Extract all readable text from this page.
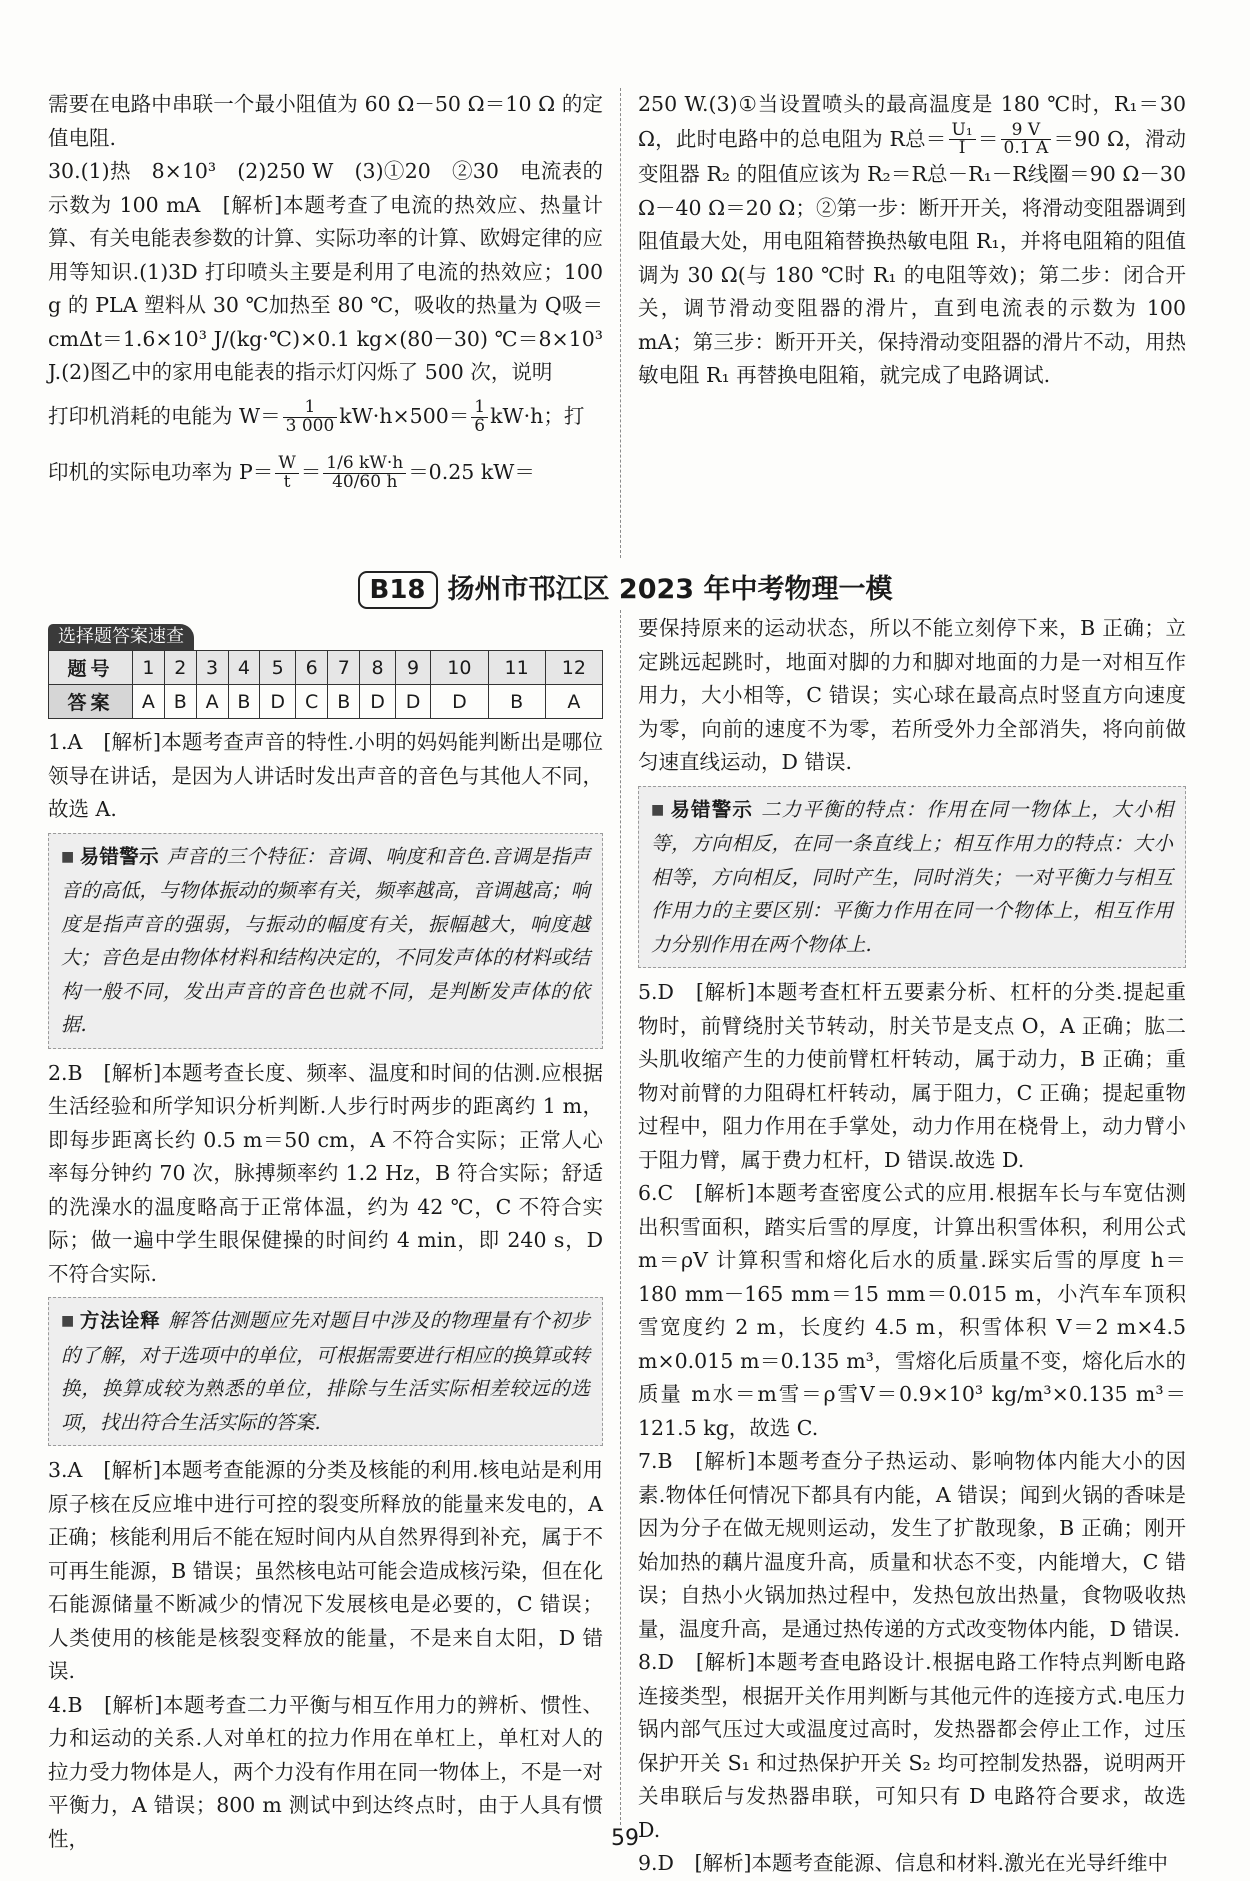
需要在电路中串联一个最小阻值为 60 Ω－50 Ω＝10 Ω 的定值电阻.

30.(1)热　8×10³　(2)250 W　(3)①20　②30　电流表的示数为 100 mA　[解析]本题考查了电流的热效应、热量计算、有关电能表参数的计算、实际功率的计算、欧姆定律的应用等知识.(1)3D 打印喷头主要是利用了电流的热效应；100 g 的 PLA 塑料从 30 ℃加热至 80 ℃，吸收的热量为 Q吸＝cmΔt＝1.6×10³ J/(kg·℃)×0.1 kg×(80－30) ℃＝8×10³ J.(2)图乙中的家用电能表的指示灯闪烁了 500 次，说明

打印机消耗的电能为 $W= \frac{1}{3 000} kW\cdot h\times 500= \frac{1}{6} kW\cdot h$；打

印机的实际电功率为 $P= \frac{W}{t} = \frac{1/6 kW\cdot h}{40/60 h} =0.25$ kW＝

250 W.(3)①当设置喷头的最高温度是 180 ℃时，R₁＝30 Ω，此时电路中的总电阻为 R总＝ $\frac{\text{U₁}}{I} = \frac{9 V}{0.1 A} =90$ Ω，滑动变阻器 R₂ 的阻值应该为 R₂＝R总－R₁－R线圈＝90 Ω－30 Ω－40 Ω＝20 Ω；②第一步：断开开关，将滑动变阻器调到阻值最大处，用电阻箱替换热敏电阻 R₁，并将电阻箱的阻值调为 30 Ω(与 180 ℃时 R₁ 的电阻等效)；第二步：闭合开关，调节滑动变阻器的滑片，直到电流表的示数为 100 mA；第三步：断开开关，保持滑动变阻器的滑片不动，用热敏电阻 R₁ 再替换电阻箱，就完成了电路调试.

B18 扬州市邗江区 2023 年中考物理一模
选择题答案速查
题号	1	2	3	4	5	6	7	8	9	10	11	12
答案	A	B	A	B	D	C	B	D	D	D	B	A

1.A　[解析]本题考查声音的特性.小明的妈妈能判断出是哪位领导在讲话，是因为人讲话时发出声音的音色与其他人不同，故选 A.

■ 易错警示 声音的三个特征：音调、响度和音色.音调是指声音的高低，与物体振动的频率有关，频率越高，音调越高；响度是指声音的强弱，与振动的幅度有关，振幅越大，响度越大；音色是由物体材料和结构决定的，不同发声体的材料或结构一般不同，发出声音的音色也就不同，是判断发声体的依据.

2.B　[解析]本题考查长度、频率、温度和时间的估测.应根据生活经验和所学知识分析判断.人步行时两步的距离约 1 m，即每步距离长约 0.5 m＝50 cm，A 不符合实际；正常人心率每分钟约 70 次，脉搏频率约 1.2 Hz，B 符合实际；舒适的洗澡水的温度略高于正常体温，约为 42 ℃，C 不符合实际；做一遍中学生眼保健操的时间约 4 min，即 240 s，D 不符合实际.

■ 方法诠释 解答估测题应先对题目中涉及的物理量有个初步的了解，对于选项中的单位，可根据需要进行相应的换算或转换，换算成较为熟悉的单位，排除与生活实际相差较远的选项，找出符合生活实际的答案.

3.A　[解析]本题考查能源的分类及核能的利用.核电站是利用原子核在反应堆中进行可控的裂变所释放的能量来发电的，A 正确；核能利用后不能在短时间内从自然界得到补充，属于不可再生能源，B 错误；虽然核电站可能会造成核污染，但在化石能源储量不断减少的情况下发展核电是必要的，C 错误；人类使用的核能是核裂变释放的能量，不是来自太阳，D 错误.

4.B　[解析]本题考查二力平衡与相互作用力的辨析、惯性、力和运动的关系.人对单杠的拉力作用在单杠上，单杠对人的拉力受力物体是人，两个力没有作用在同一物体上，不是一对平衡力，A 错误；800 m 测试中到达终点时，由于人具有惯性，

要保持原来的运动状态，所以不能立刻停下来，B 正确；立定跳远起跳时，地面对脚的力和脚对地面的力是一对相互作用力，大小相等，C 错误；实心球在最高点时竖直方向速度为零，向前的速度不为零，若所受外力全部消失，将向前做匀速直线运动，D 错误.

■ 易错警示 二力平衡的特点：作用在同一物体上，大小相等，方向相反，在同一条直线上；相互作用力的特点：大小相等，方向相反，同时产生，同时消失；一对平衡力与相互作用力的主要区别：平衡力作用在同一个物体上，相互作用力分别作用在两个物体上.

5.D　[解析]本题考查杠杆五要素分析、杠杆的分类.提起重物时，前臂绕肘关节转动，肘关节是支点 O，A 正确；肱二头肌收缩产生的力使前臂杠杆转动，属于动力，B 正确；重物对前臂的力阻碍杠杆转动，属于阻力，C 正确；提起重物过程中，阻力作用在手掌处，动力作用在桡骨上，动力臂小于阻力臂，属于费力杠杆，D 错误.故选 D.

6.C　[解析]本题考查密度公式的应用.根据车长与车宽估测出积雪面积，踏实后雪的厚度，计算出积雪体积，利用公式 m＝ρV 计算积雪和熔化后水的质量.踩实后雪的厚度 h＝180 mm－165 mm＝15 mm＝0.015 m，小汽车车顶积雪宽度约 2 m，长度约 4.5 m，积雪体积 V＝2 m×4.5 m×0.015 m＝0.135 m³，雪熔化后质量不变，熔化后水的质量 m水＝m雪＝ρ雪V＝0.9×10³ kg/m³×0.135 m³＝121.5 kg，故选 C.

7.B　[解析]本题考查分子热运动、影响物体内能大小的因素.物体任何情况下都具有内能，A 错误；闻到火锅的香味是因为分子在做无规则运动，发生了扩散现象，B 正确；刚开始加热的藕片温度升高，质量和状态不变，内能增大，C 错误；自热小火锅加热过程中，发热包放出热量，食物吸收热量，温度升高，是通过热传递的方式改变物体内能，D 错误.

8.D　[解析]本题考查电路设计.根据电路工作特点判断电路连接类型，根据开关作用判断与其他元件的连接方式.电压力锅内部气压过大或温度过高时，发热器都会停止工作，过压保护开关 S₁ 和过热保护开关 S₂ 均可控制发热器，说明两开关串联后与发热器串联，可知只有 D 电路符合要求，故选 D.

9.D　[解析]本题考查能源、信息和材料.激光在光导纤维中

59
